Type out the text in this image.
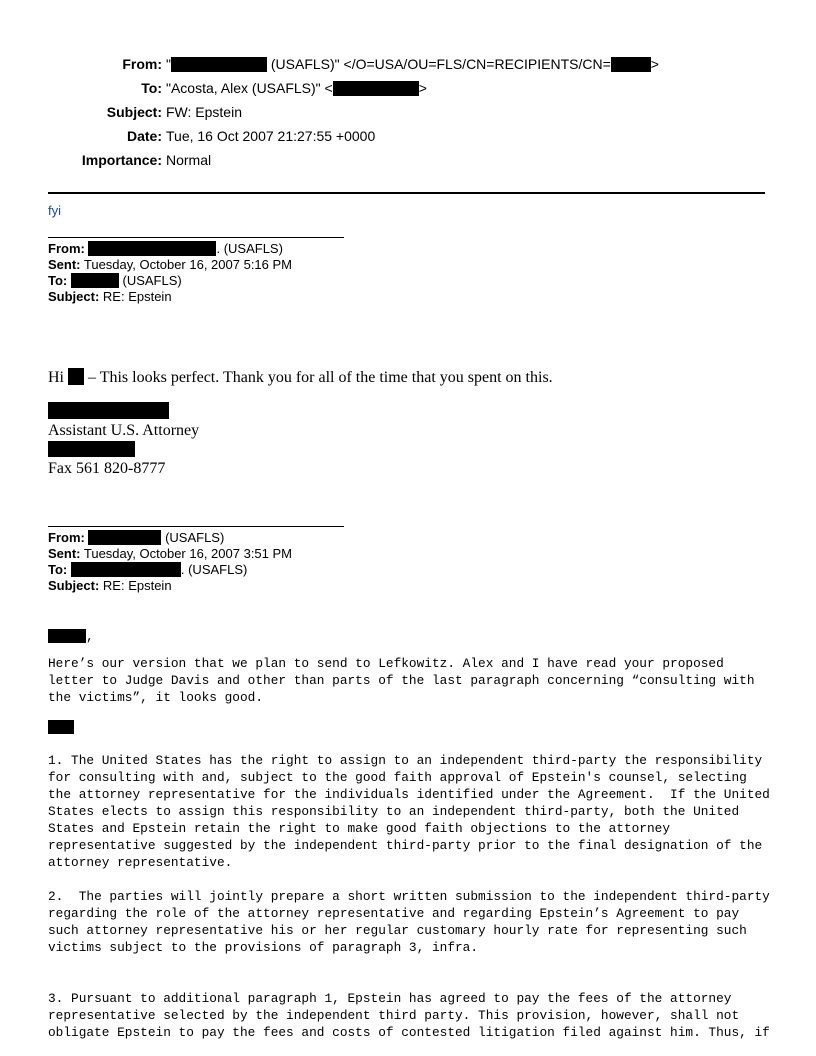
From: "	(USAFLS)" </O=USA/OU=FLS/CN=RECIPIENTS/CN=	>
To: "Acosta, Alex (USAFLS)" <	>
Subject: FW: Epstein
Date: Tue, 16 Oct 2007 21:27:55 +0000
Importance: Normal
fyi
From:	. (USAFLS)
Sent: Tuesday, October 16, 2007 5:16 PM
To:	(USAFLS)
Subject: RE: Epstein
Hi  – This looks perfect. Thank you for all of the time that you spent on this.
Assistant U.S. Attorney
Fax 561 820-8777
From:	(USAFLS)
Sent: Tuesday, October 16, 2007 3:51 PM
To:	. (USAFLS)
Subject: RE: Epstein
,
Here’s our version that we plan to send to Lefkowitz. Alex and I have read your proposed
letter to Judge Davis and other than parts of the last paragraph concerning “consulting with
the victims”, it looks good.
1. The United States has the right to assign to an independent third-party the responsibility
for consulting with and, subject to the good faith approval of Epstein's counsel, selecting
the attorney representative for the individuals identified under the Agreement.  If the United
States elects to assign this responsibility to an independent third-party, both the United
States and Epstein retain the right to make good faith objections to the attorney
representative suggested by the independent third-party prior to the final designation of the
attorney representative.
2.  The parties will jointly prepare a short written submission to the independent third-party
regarding the role of the attorney representative and regarding Epstein’s Agreement to pay
such attorney representative his or her regular customary hourly rate for representing such
victims subject to the provisions of paragraph 3, infra.
3. Pursuant to additional paragraph 1, Epstein has agreed to pay the fees of the attorney
representative selected by the independent third party. This provision, however, shall not
obligate Epstein to pay the fees and costs of contested litigation filed against him. Thus, if
